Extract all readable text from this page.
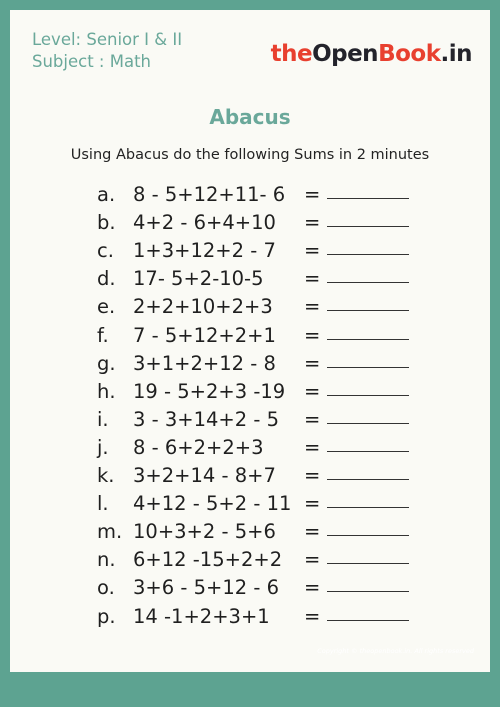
Level: Senior I & II
Subject : Math	theOpenBook.in
Abacus
Using Abacus do the following Sums in 2 minutes
a. 8 - 5+12+11- 6 =
b. 4+2 - 6+4+10 =
c. 1+3+12+2 - 7 =
d. 17- 5+2-10-5 =
e. 2+2+10+2+3 =
f. 7 - 5+12+2+1 =
g. 3+1+2+12 - 8 =
h. 19 - 5+2+3 -19 =
i. 3 - 3+14+2 - 5 =
j. 8 - 6+2+2+3 =
k. 3+2+14 - 8+7 =
l. 4+12 - 5+2 - 11 =
m. 10+3+2 - 5+6 =
n. 6+12 -15+2+2 =
o. 3+6 - 5+12 - 6 =
p. 14 -1+2+3+1 =
Copyright © theopenbook.in. All rights reserved
